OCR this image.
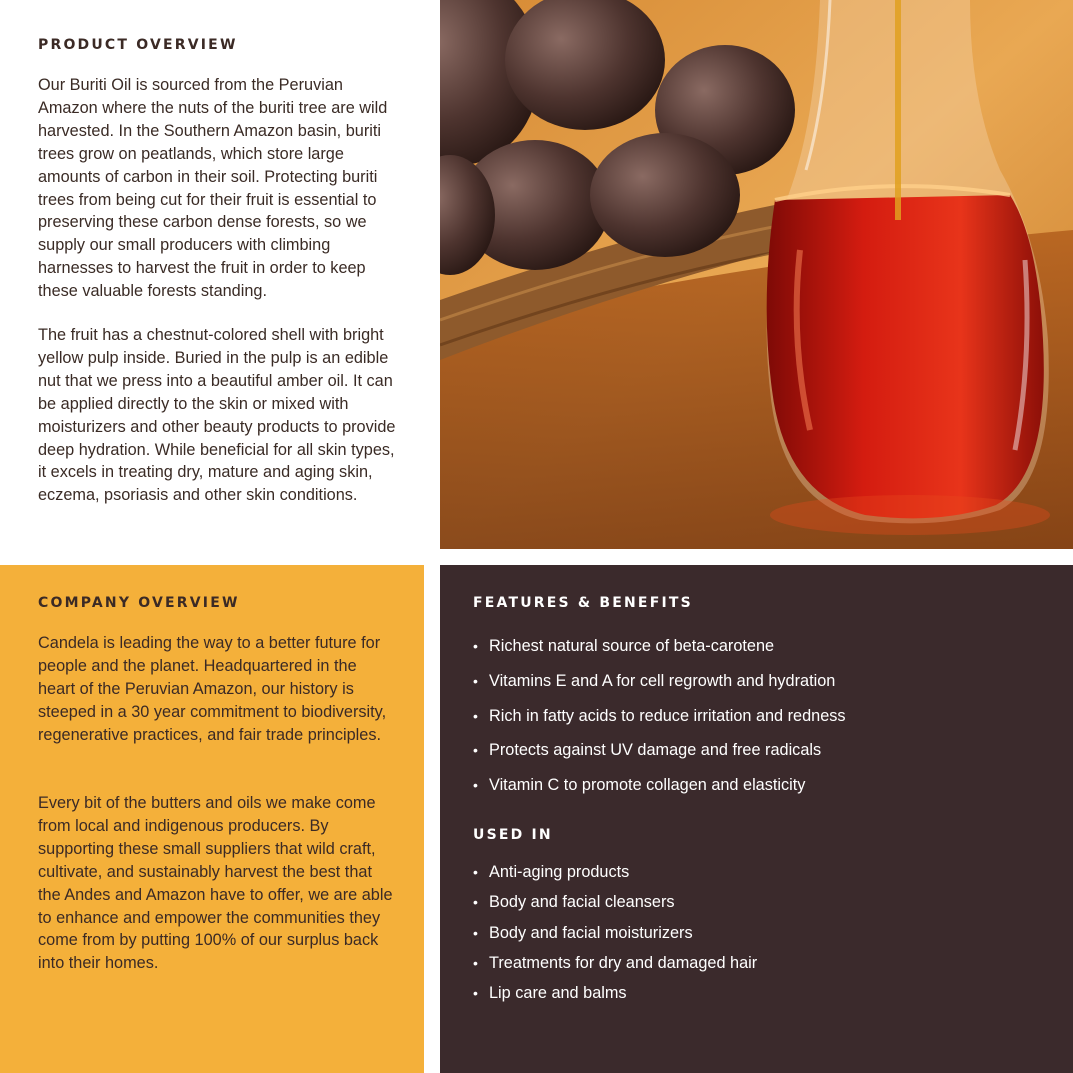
PRODUCT OVERVIEW

Our Buriti Oil is sourced from the Peruvian Amazon where the nuts of the buriti tree are wild harvested. In the Southern Amazon basin, buriti trees grow on peatlands, which store large amounts of carbon in their soil. Protecting buriti trees from being cut for their fruit is essential to preserving these carbon dense forests, so we supply our small producers with climbing harnesses to harvest the fruit in order to keep these valuable forests standing.

The fruit has a chestnut-colored shell with bright yellow pulp inside. Buried in the pulp is an edible nut that we press into a beautiful amber oil. It can be applied directly to the skin or mixed with moisturizers and other beauty products to provide deep hydration. While beneficial for all skin types, it excels in treating dry, mature and aging skin, eczema, psoriasis and other skin conditions.

COMPANY OVERVIEW

Candela is leading the way to a better future for people and the planet. Headquartered in the heart of the Peruvian Amazon, our history is steeped in a 30 year commitment to biodiversity, regenerative practices, and fair trade principles.

Every bit of the butters and oils we make come from local and indigenous producers. By supporting these small suppliers that wild craft, cultivate, and sustainably harvest the best that the Andes and Amazon have to offer, we are able to enhance and empower the communities they come from by putting 100% of our surplus back into their homes.

FEATURES & BENEFITS
• Richest natural source of beta-carotene
• Vitamins E and A for cell regrowth and hydration
• Rich in fatty acids to reduce irritation and redness
• Protects against UV damage and free radicals
• Vitamin C to promote collagen and elasticity
USED IN
• Anti-aging products
• Body and facial cleansers
• Body and facial moisturizers
• Treatments for dry and damaged hair
• Lip care and balms
